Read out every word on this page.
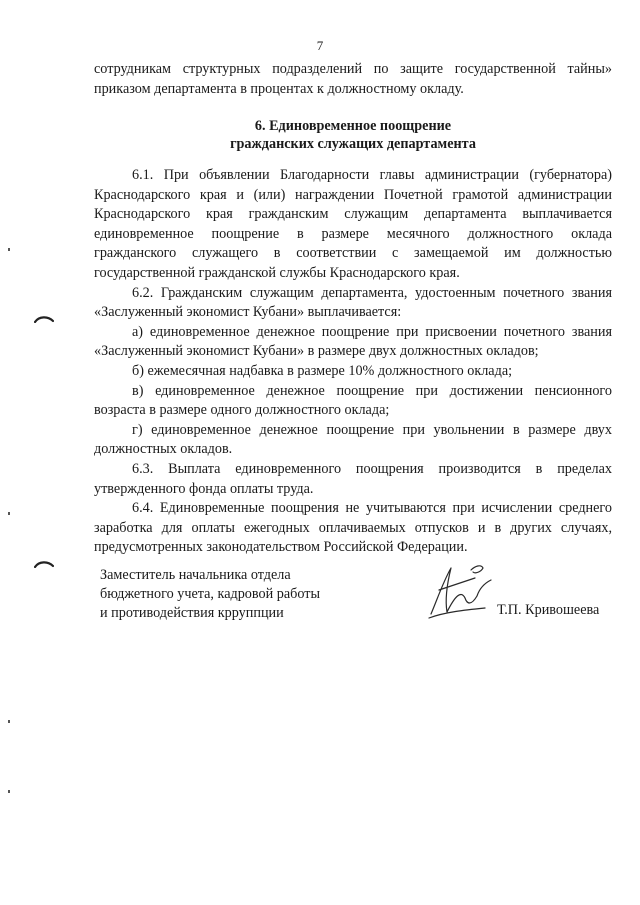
7

сотрудникам структурных подразделений по защите государственной тайны» приказом департамента в процентах к должностному окладу.

6. Единовременное поощрение
гражданских служащих департамента

6.1. При объявлении Благодарности главы администрации (губернатора) Краснодарского края и (или) награждении Почетной грамотой администрации Краснодарского края гражданским служащим департамента выплачивается единовременное поощрение в размере месячного должностного оклада гражданского служащего в соответствии с замещаемой им должностью государственной гражданской службы Краснодарского края.

6.2. Гражданским служащим департамента, удостоенным почетного звания «Заслуженный экономист Кубани» выплачивается:

а) единовременное денежное поощрение при присвоении почетного звания «Заслуженный экономист Кубани» в размере двух должностных окладов;

б) ежемесячная надбавка в размере 10% должностного оклада;

в) единовременное денежное поощрение при достижении пенсионного возраста в размере одного должностного оклада;

г) единовременное денежное поощрение при увольнении в размере двух должностных окладов.

6.3. Выплата единовременного поощрения производится в пределах утвержденного фонда оплаты труда.

6.4. Единовременные поощрения не учитываются при исчислении среднего заработка для оплаты ежегодных оплачиваемых отпусков и в других случаях, предусмотренных законодательством Российской Федерации.

Заместитель начальника отдела
бюджетного учета, кадровой работы
и противодействия крруппции	Т.П. Кривошеева
